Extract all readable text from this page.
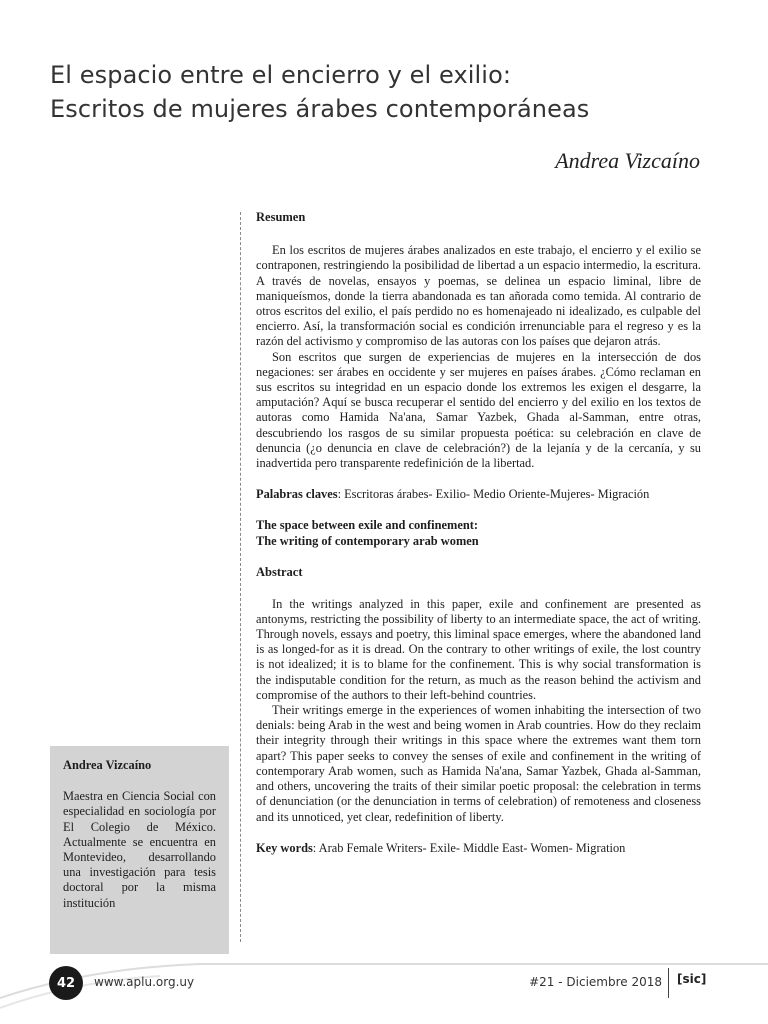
El espacio entre el encierro y el exilio:
Escritos de mujeres árabes contemporáneas
Andrea Vizcaíno
Resumen

En los escritos de mujeres árabes analizados en este trabajo, el encierro y el exilio se contraponen, restringiendo la posibilidad de libertad a un espacio intermedio, la escritura. A través de novelas, ensayos y poemas, se delinea un espacio liminal, libre de maniqueísmos, donde la tierra abandonada es tan añorada como temida. Al contrario de otros escritos del exilio, el país perdido no es homenajeado ni idealizado, es culpable del encierro. Así, la transformación social es condición irrenunciable para el regreso y es la razón del activismo y compromiso de las autoras con los países que dejaron atrás.

Son escritos que surgen de experiencias de mujeres en la intersección de dos negaciones: ser árabes en occidente y ser mujeres en países árabes. ¿Cómo reclaman en sus escritos su integridad en un espacio donde los extremos les exigen el desgarre, la amputación? Aquí se busca recuperar el sentido del encierro y del exilio en los textos de autoras como Hamida Na'ana, Samar Yazbek, Ghada al-Samman, entre otras, descubriendo los rasgos de su similar propuesta poética: su celebración en clave de denuncia (¿o denuncia en clave de celebración?) de la lejanía y de la cercanía, y su inadvertida pero transparente redefinición de la libertad.

Palabras claves: Escritoras árabes- Exilio- Medio Oriente-Mujeres- Migración

The space between exile and confinement:
The writing of contemporary arab women
Abstract

In the writings analyzed in this paper, exile and confinement are presented as antonyms, restricting the possibility of liberty to an intermediate space, the act of writing. Through novels, essays and poetry, this liminal space emerges, where the abandoned land is as longed-for as it is dread. On the contrary to other writings of exile, the lost country is not idealized; it is to blame for the confinement. This is why social transformation is the indisputable condition for the return, as much as the reason behind the activism and compromise of the authors to their left-behind countries.

Their writings emerge in the experiences of women inhabiting the intersection of two denials: being Arab in the west and being women in Arab countries. How do they reclaim their integrity through their writings in this space where the extremes want them torn apart? This paper seeks to convey the senses of exile and confinement in the writing of contemporary Arab women, such as Hamida Na'ana, Samar Yazbek, Ghada al-Samman, and others, uncovering the traits of their similar poetic proposal: the celebration in terms of denunciation (or the denunciation in terms of celebration) of remoteness and closeness and its unnoticed, yet clear, redefinition of liberty.

Key words: Arab Female Writers- Exile- Middle East- Women- Migration

Andrea Vizcaíno
Maestra en Ciencia Social con especialidad en sociología por El Colegio de México. Actualmente se encuentra en Montevideo, desarrollando una investigación para tesis doctoral por la misma institución
42	www.aplu.org.uy	#21 - Diciembre 2018 [sic]
